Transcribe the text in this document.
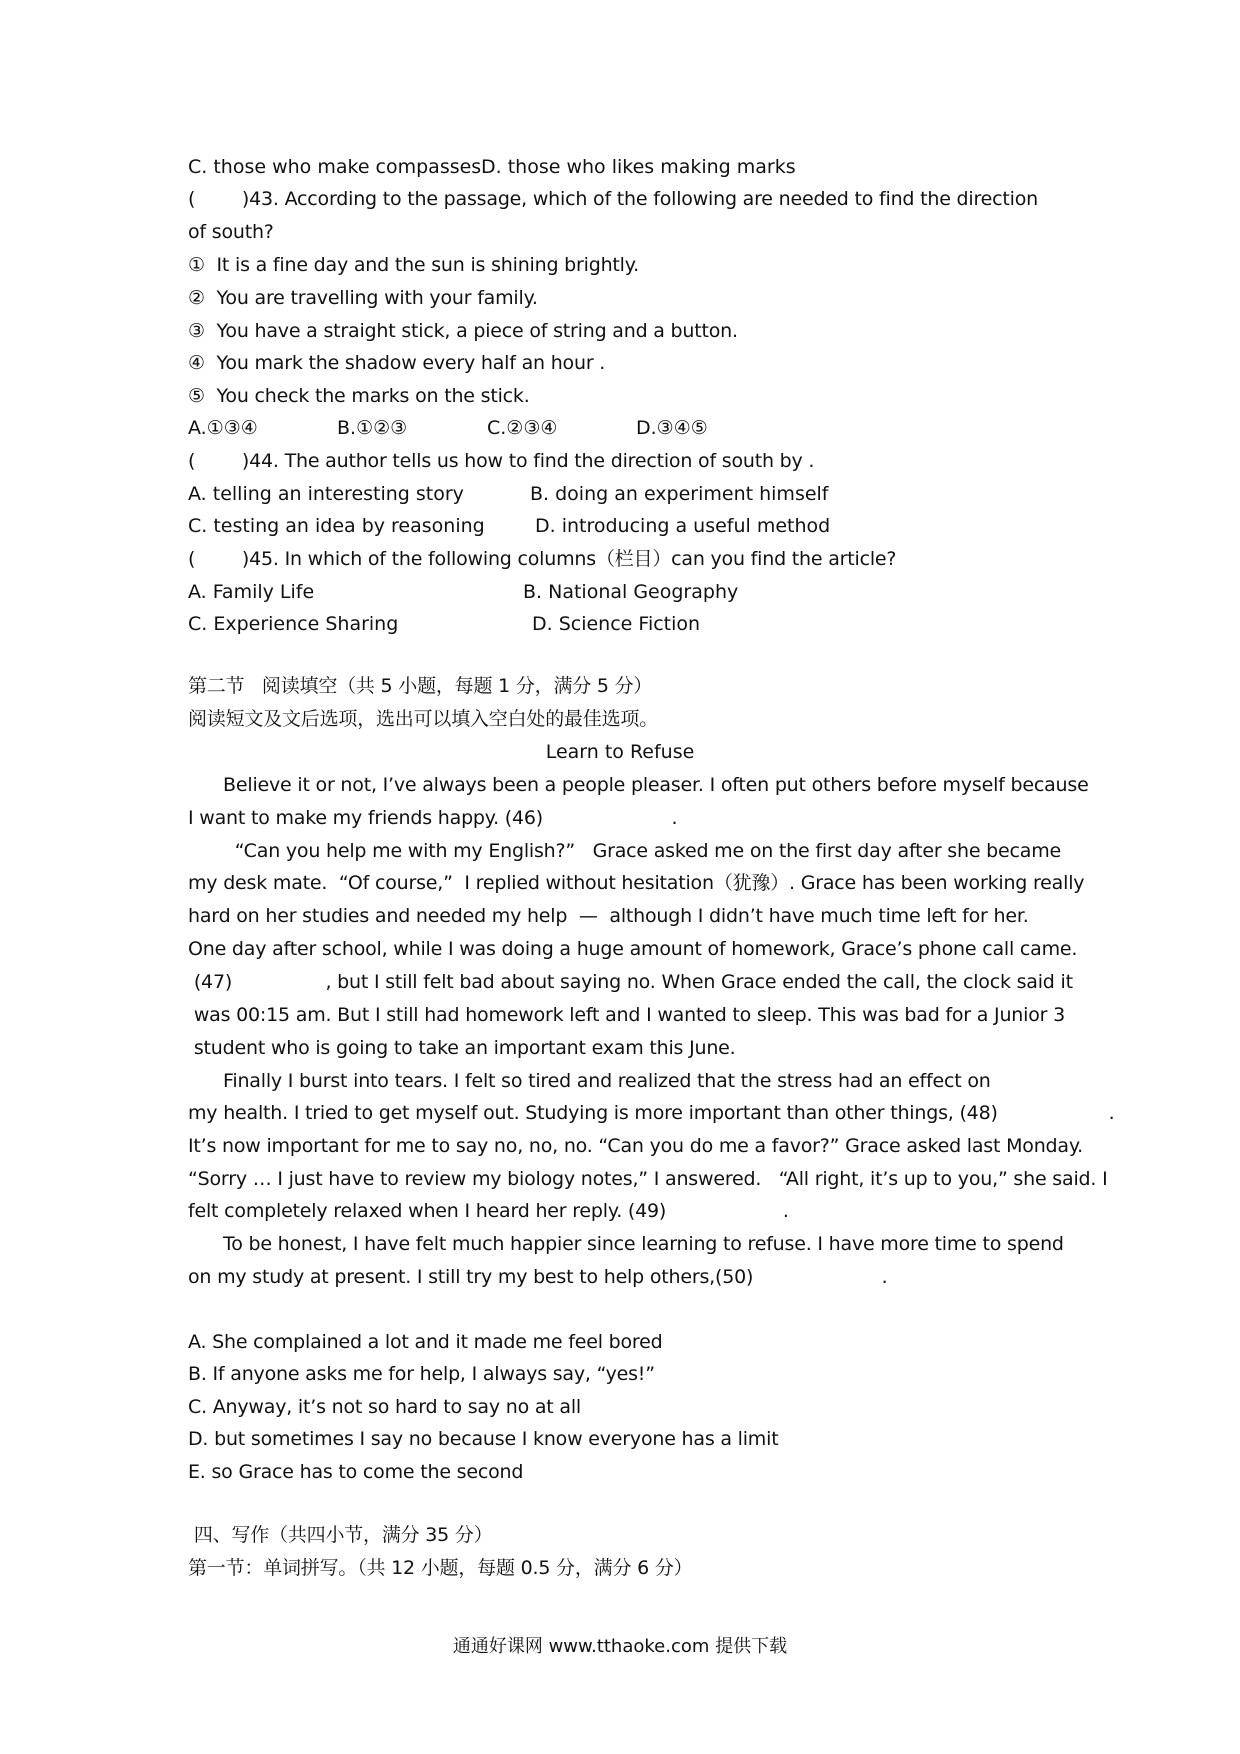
C. those who make compasses D. those who likes making marks
(        )43. According to the passage, which of the following are needed to find the direction
of south?
①  It is a fine day and the sun is shining brightly.
②  You are travelling with your family.
③  You have a straight stick, a piece of string and a button.
④  You mark the shadow every half an hour .
⑤  You check the marks on the stick.
A.①③④	B.①②③	C.②③④	D.③④⑤
(        )44. The author tells us how to find the direction of south by .
A. telling an interesting story	B. doing an experiment himself
C. testing an idea by reasoning	D. introducing a useful method
(        )45. In which of the following columns（栏目）can you find the article?
A. Family Life	B. National Geography
C. Experience Sharing	D. Science Fiction
第二节   阅读填空（共 5 小题，每题 1 分，满分 5 分）
阅读短文及文后选项，选出可以填入空白处的最佳选项。
Learn to Refuse
Believe it or not, I’ve always been a people pleaser. I often put others before myself because
I want to make my friends happy. (46)                      .
“Can you help me with my English?”   Grace asked me on the first day after she became
my desk mate.  “Of course,”  I replied without hesitation（犹豫）. Grace has been working really
hard on her studies and needed my help  —  although I didn’t have much time left for her.
One day after school, while I was doing a huge amount of homework, Grace’s phone call came.
(47)                , but I still felt bad about saying no. When Grace ended the call, the clock said it
was 00:15 am. But I still had homework left and I wanted to sleep. This was bad for a Junior 3
student who is going to take an important exam this June.
Finally I burst into tears. I felt so tired and realized that the stress had an effect on
my health. I tried to get myself out. Studying is more important than other things, (48)                   .
It’s now important for me to say no, no, no. “Can you do me a favor?” Grace asked last Monday.
“Sorry … I just have to review my biology notes,” I answered.   “All right, it’s up to you,” she said. I
felt completely relaxed when I heard her reply. (49)                    .
To be honest, I have felt much happier since learning to refuse. I have more time to spend
on my study at present. I still try my best to help others,(50)                      .
A. She complained a lot and it made me feel bored
B. If anyone asks me for help, I always say, “yes!”
C. Anyway, it’s not so hard to say no at all
D. but sometimes I say no because I know everyone has a limit
E. so Grace has to come the second
四、写作（共四小节，满分 35 分）
第一节：单词拼写。（共 12 小题，每题 0.5 分，满分 6 分）
通通好课网 www.tthaoke.com 提供下载
